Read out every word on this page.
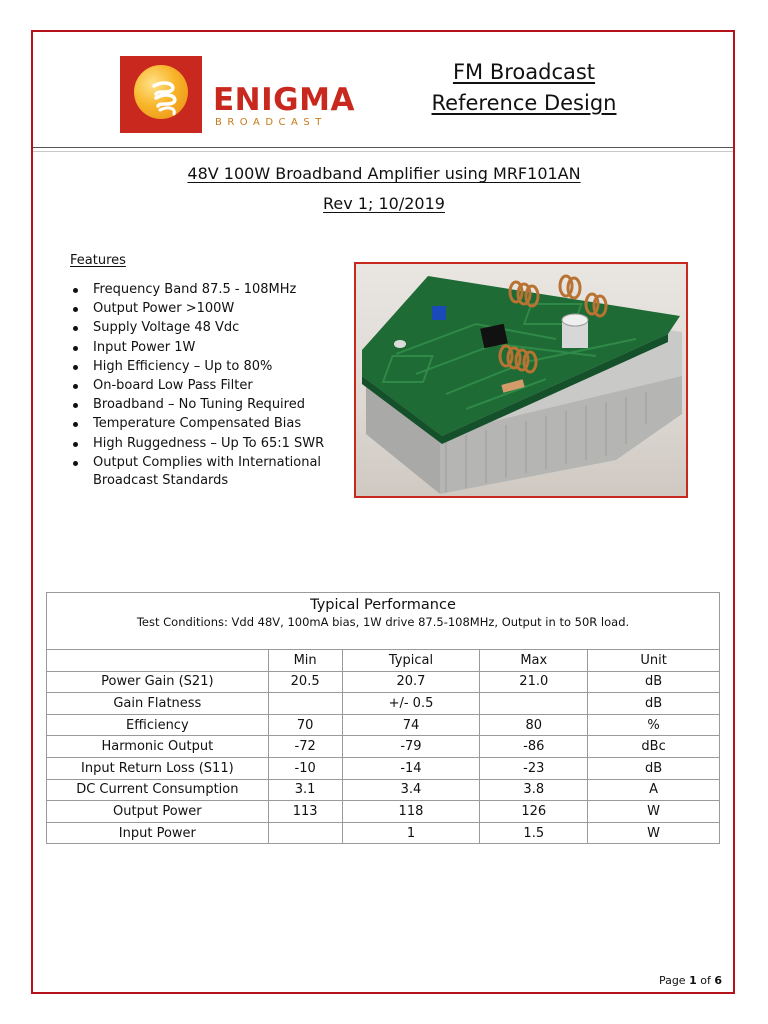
ENIGMA
BROADCAST
FM Broadcast
Reference Design
48V 100W Broadband Amplifier using MRF101AN
Rev 1; 10/2019
Features
Frequency Band 87.5 - 108MHz
Output Power >100W
Supply Voltage 48 Vdc
Input Power 1W
High Efficiency – Up to 80%
On-board Low Pass Filter
Broadband – No Tuning Required
Temperature Compensated Bias
High Ruggedness – Up To 65:1 SWR
Output Complies with International Broadcast Standards
Typical Performance
Test Conditions: Vdd 48V, 100mA bias, 1W drive 87.5-108MHz, Output in to 50R load.				

	Min	Typical	Max	Unit
Power Gain (S21)	20.5	20.7	21.0	dB
Gain Flatness		+/- 0.5		dB
Efficiency	70	74	80	%
Harmonic Output	-72	-79	-86	dBc
Input Return Loss (S11)	-10	-14	-23	dB
DC Current Consumption	3.1	3.4	3.8	A
Output Power	113	118	126	W
Input Power		1	1.5	W
Page 1 of 6
